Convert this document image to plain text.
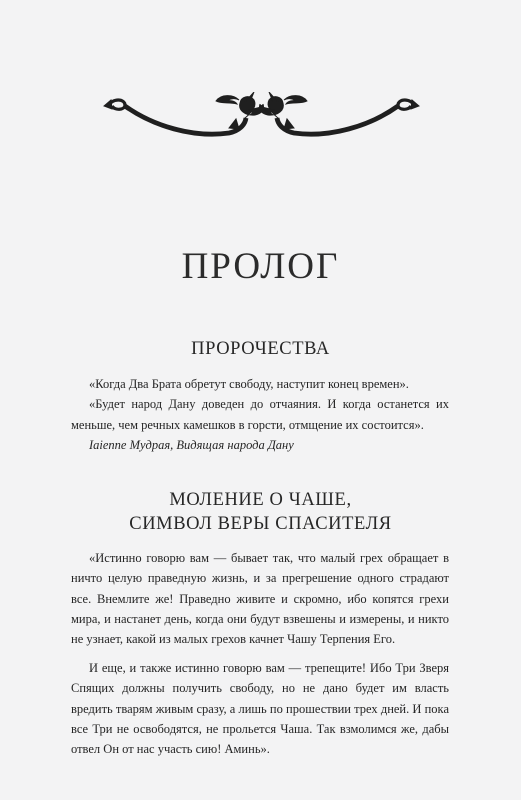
ПРОЛОГ
ПРОРОЧЕСТВА

«Когда Два Брата обретут свободу, наступит конец времен».

«Будет народ Дану доведен до отчаяния. И когда останется их меньше, чем речных камешков в горсти, отмщение их состоится».

Iaienne Мудрая, Видящая народа Дану
МОЛЕНИЕ О ЧАШЕ,
СИМВОЛ ВЕРЫ СПАСИТЕЛЯ

«Истинно говорю вам — бывает так, что малый грех обращает в ничто целую праведную жизнь, и за прегрешение одного страдают все. Внемлите же! Праведно живите и скромно, ибо копятся грехи мира, и настанет день, когда они будут взвешены и измерены, и никто не узнает, какой из малых грехов качнет Чашу Терпения Его.

И еще, и также истинно говорю вам — трепещите! Ибо Три Зверя Спящих должны получить свободу, но не дано будет им власть вредить тварям живым сразу, а лишь по прошествии трех дней. И пока все Три не освободятся, не прольется Чаша. Так взмолимся же, дабы отвел Он от нас участь сию! Аминь».
